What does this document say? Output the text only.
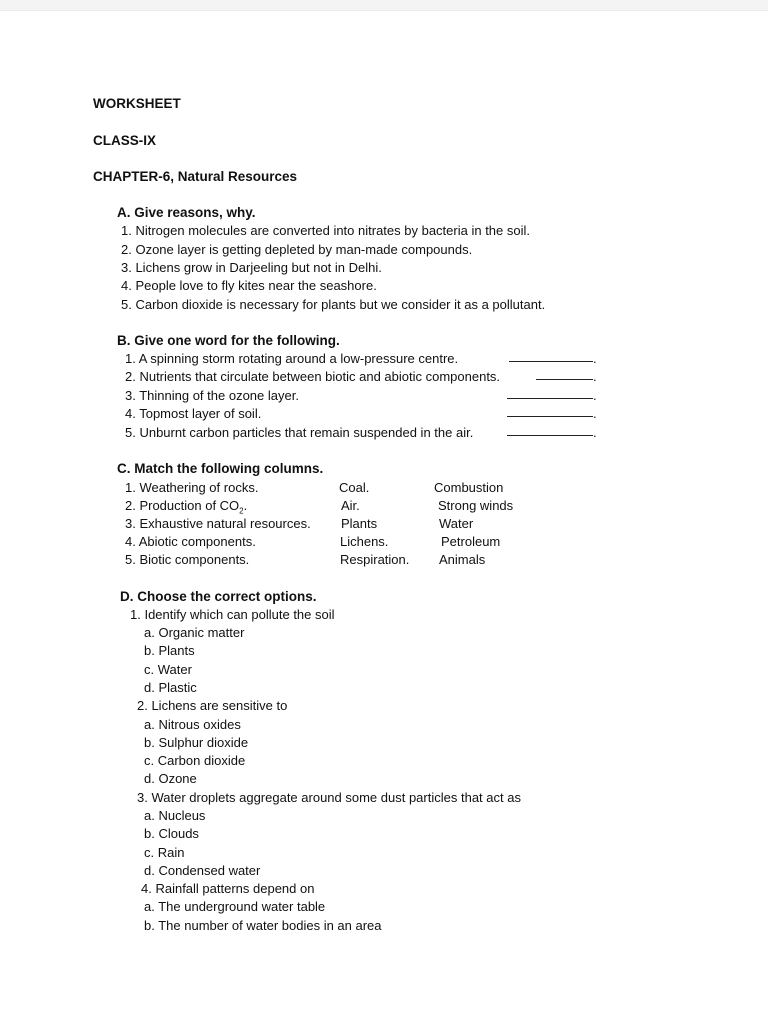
WORKSHEET
CLASS-IX
CHAPTER-6, Natural Resources
A. Give reasons, why.
1. Nitrogen molecules are converted into nitrates by bacteria in the soil.
2. Ozone layer is getting depleted by man-made compounds.
3. Lichens grow in Darjeeling but not in Delhi.
4. People love to fly kites near the seashore.
5. Carbon dioxide is necessary for plants but we consider it as a pollutant.
B. Give one word for the following.
1. A spinning storm rotating around a low-pressure centre.
2. Nutrients that circulate between biotic and abiotic components.
3. Thinning of the ozone layer.
4. Topmost layer of soil.
5. Unburnt carbon particles that remain suspended in the air.
.
.
.
.
.
C. Match the following columns.
1. Weathering of rocks.
2. Production of $CO_2$.
3. Exhaustive natural resources.
4. Abiotic components.
5. Biotic components.
Coal.
Air.
Plants
Lichens.
Respiration.
Combustion
Strong winds
Water
Petroleum
Animals
D. Choose the correct options.
1. Identify which can pollute the soil
a. Organic matter
b. Plants
c. Water
d. Plastic
2. Lichens are sensitive to
a. Nitrous oxides
b. Sulphur dioxide
c. Carbon dioxide
d. Ozone
3. Water droplets aggregate around some dust particles that act as
a. Nucleus
b. Clouds
c. Rain
d. Condensed water
4. Rainfall patterns depend on
a. The underground water table
b. The number of water bodies in an area
